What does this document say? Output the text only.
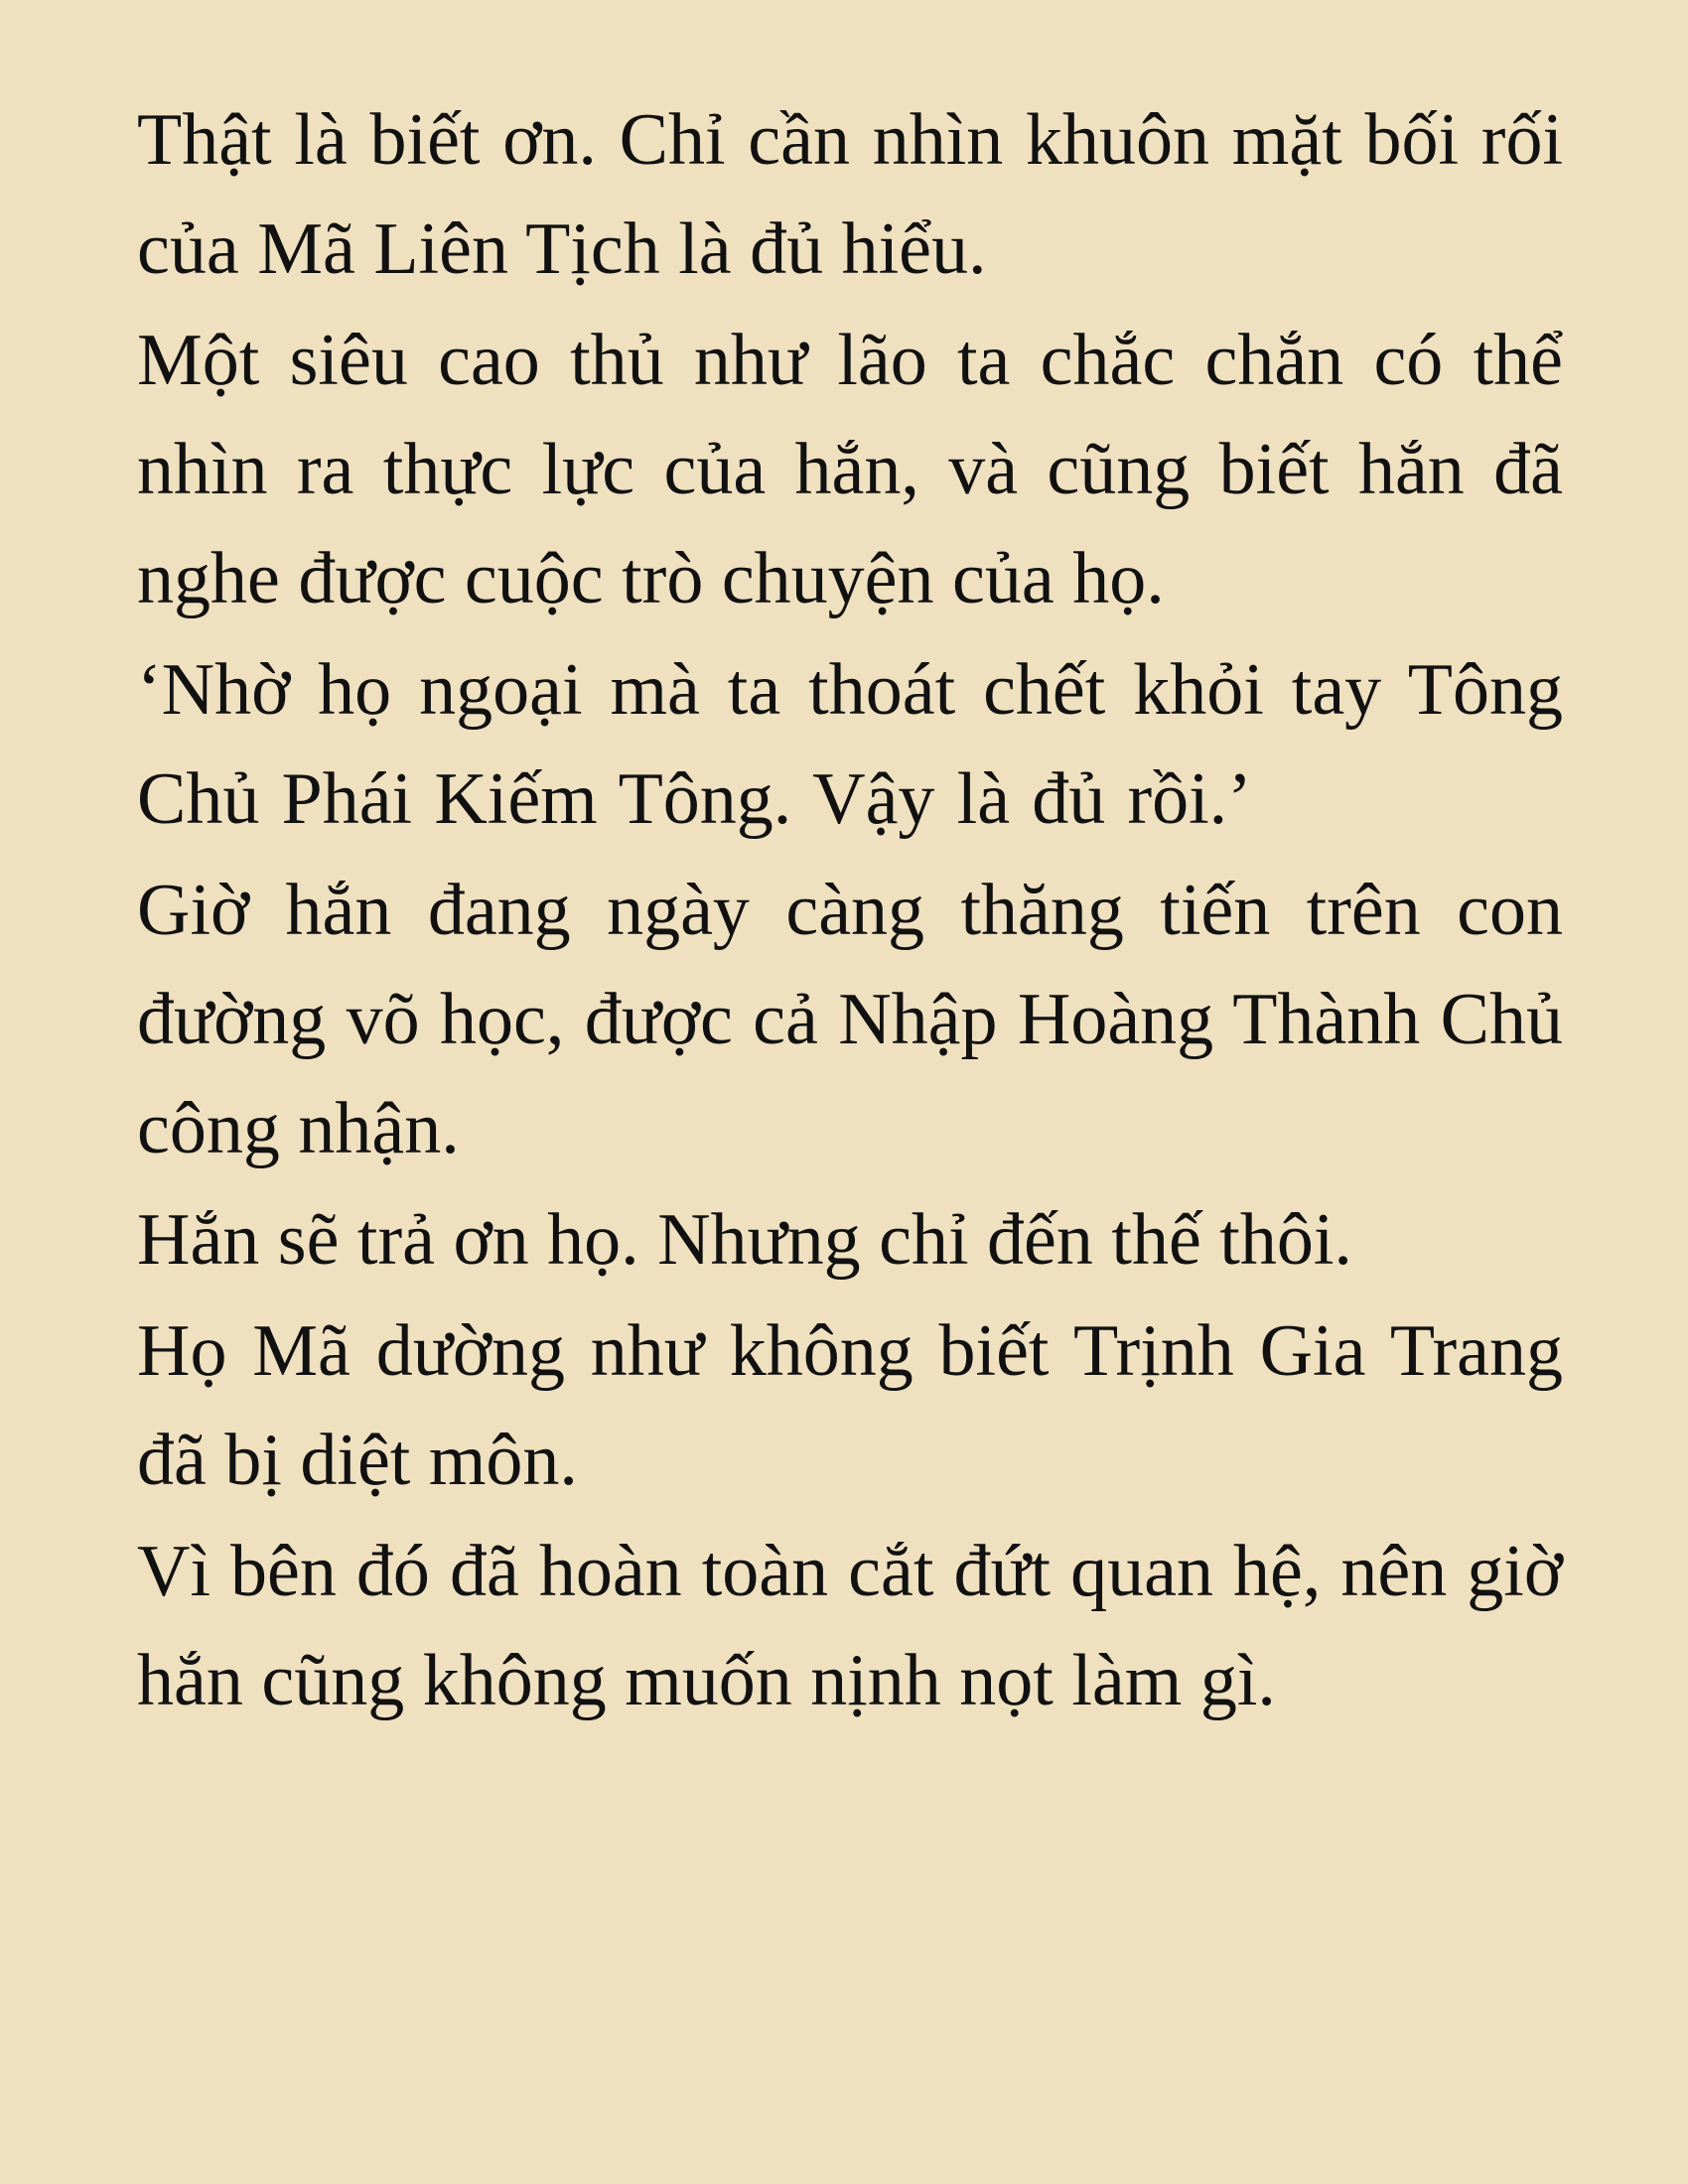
Thật là biết ơn. Chỉ cần nhìn khuôn mặt bối rối của Mã Liên Tịch là đủ hiểu.

Một siêu cao thủ như lão ta chắc chắn có thể nhìn ra thực lực của hắn, và cũng biết hắn đã nghe được cuộc trò chuyện của họ.

‘Nhờ họ ngoại mà ta thoát chết khỏi tay Tông Chủ Phái Kiếm Tông. Vậy là đủ rồi.’

Giờ hắn đang ngày càng thăng tiến trên con đường võ học, được cả Nhập Hoàng Thành Chủ công nhận.

Hắn sẽ trả ơn họ. Nhưng chỉ đến thế thôi.

Họ Mã dường như không biết Trịnh Gia Trang đã bị diệt môn.

Vì bên đó đã hoàn toàn cắt đứt quan hệ, nên giờ hắn cũng không muốn nịnh nọt làm gì.
